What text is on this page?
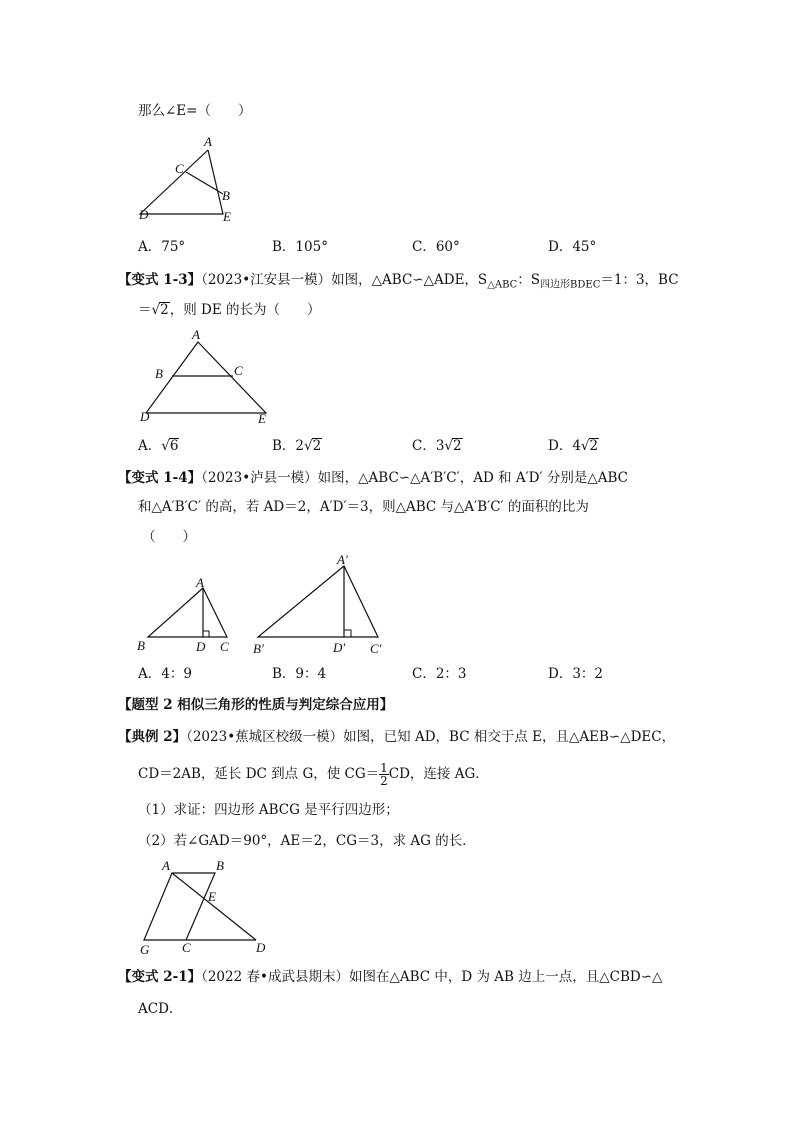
那么∠E=（　　）
A
C
B
D	E
A．75°	B．105°	C．60°	D．45°
【变式 1-3】（2023•江安县一模）如图，△ABC∽△ADE，$S_{\triangle ABC}$：$S_{四边形BDEC}=1$：3，BC
＝√2，则 DE 的长为（　　）
A
B	C
D	E
A．√6	B．2√2	C．3√2	D．4√2
【变式 1-4】（2023•泸县一模）如图，△ABC∽△A′B′C′，AD 和 A′D′ 分别是△ABC
和△A′B′C′ 的高，若 AD＝2，A′D′＝3，则△ABC 与△A′B′C′ 的面积的比为
（　　）
A
B	D C
A′
B′	D′ C′
A．4：9	B．9：4	C．2：3	D．3：2
【题型 2 相似三角形的性质与判定综合应用】
【典例 2】（2023•蕉城区校级一模）如图，已知 AD，BC 相交于点 E，且△AEB∽△DEC，
CD＝2AB，延长 DC 到点 G，使 $CG= \frac{1}{2}$ CD，连接 AG．
（1）求证：四边形 ABCG 是平行四边形；
（2）若∠GAD＝90°，AE＝2，CG＝3，求 AG 的长．
A	B
E
G	C	D
【变式 2-1】（2022 春•成武县期末）如图在△ABC 中，D 为 AB 边上一点，且△CBD∽△
ACD．
